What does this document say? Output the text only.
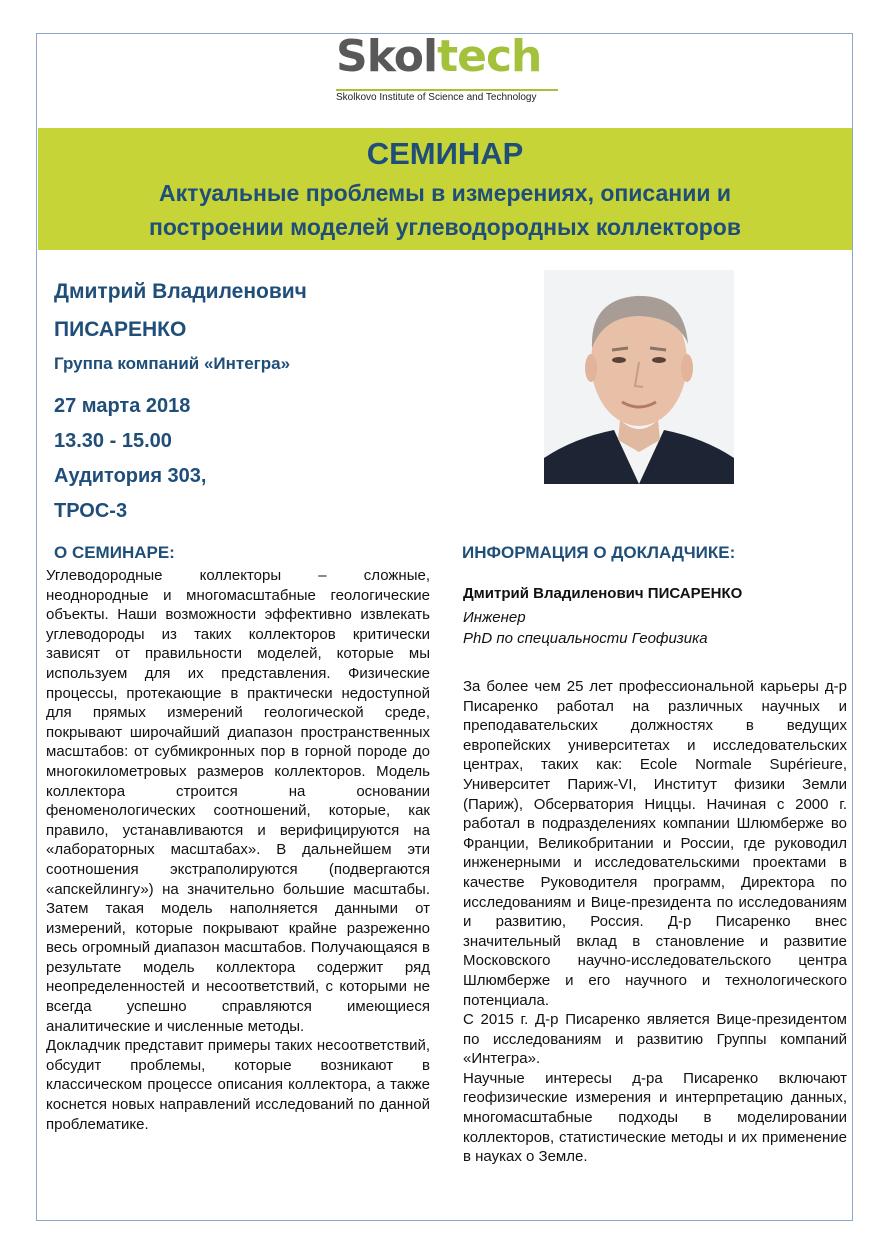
Skoltech
Skolkovo Institute of Science and Technology
СЕМИНАР
Актуальные проблемы в измерениях, описании и
построении моделей углеводородных коллекторов
Дмитрий Владиленович
ПИСАРЕНКО
Группа компаний «Интегра»
27 марта 2018
13.30 - 15.00
Аудитория 303,
ТРОС-3
О СЕМИНАРЕ:	ИНФОРМАЦИЯ О ДОКЛАДЧИКЕ:

Углеводородные коллекторы – сложные, неоднородные и многомасштабные геологические объекты. Наши возможности эффективно извлекать углеводороды из таких коллекторов критически зависят от правильности моделей, которые мы используем для их представления. Физические процессы, протекающие в практически недоступной для прямых измерений геологической среде, покрывают широчайший диапазон пространственных масштабов: от субмикронных пор в горной породе до многокилометровых размеров коллекторов. Модель коллектора строится на основании феноменологических соотношений, которые, как правило, устанавливаются и верифицируются на «лабораторных масштабах». В дальнейшем эти соотношения экстраполируются (подвергаются «апскейлингу») на значительно большие масштабы. Затем такая модель наполняется данными от измерений, которые покрывают крайне разреженно весь огромный диапазон масштабов. Получающаяся в результате модель коллектора содержит ряд неопределенностей и несоответствий, с которыми не всегда успешно справляются имеющиеся аналитические и численные методы.

Докладчик представит примеры таких несоответствий, обсудит проблемы, которые возникают в классическом процессе описания коллектора, а также коснется новых направлений исследований по данной проблематике.

Дмитрий Владиленович ПИСАРЕНКО
Инженер
PhD по специальности Геофизика

За более чем 25 лет профессиональной карьеры д-р Писаренко работал на различных научных и преподавательских должностях в ведущих европейских университетах и исследовательских центрах, таких как: Ecole Normale Supérieure, Университет Париж-VI, Институт физики Земли (Париж), Обсерватория Ниццы. Начиная с 2000 г. работал в подразделениях компании Шлюмберже во Франции, Великобритании и России, где руководил инженерными и исследовательскими проектами в качестве Руководителя программ, Директора по исследованиям и Вице-президента по исследованиям и развитию, Россия. Д-р Писаренко внес значительный вклад в становление и развитие Московского научно-исследовательского центра Шлюмберже и его научного и технологического потенциала.

С 2015 г. Д-р Писаренко является Вице-президентом по исследованиям и развитию Группы компаний «Интегра».

Научные интересы д-ра Писаренко включают геофизические измерения и интерпретацию данных, многомасштабные подходы в моделировании коллекторов, статистические методы и их применение в науках о Земле.
